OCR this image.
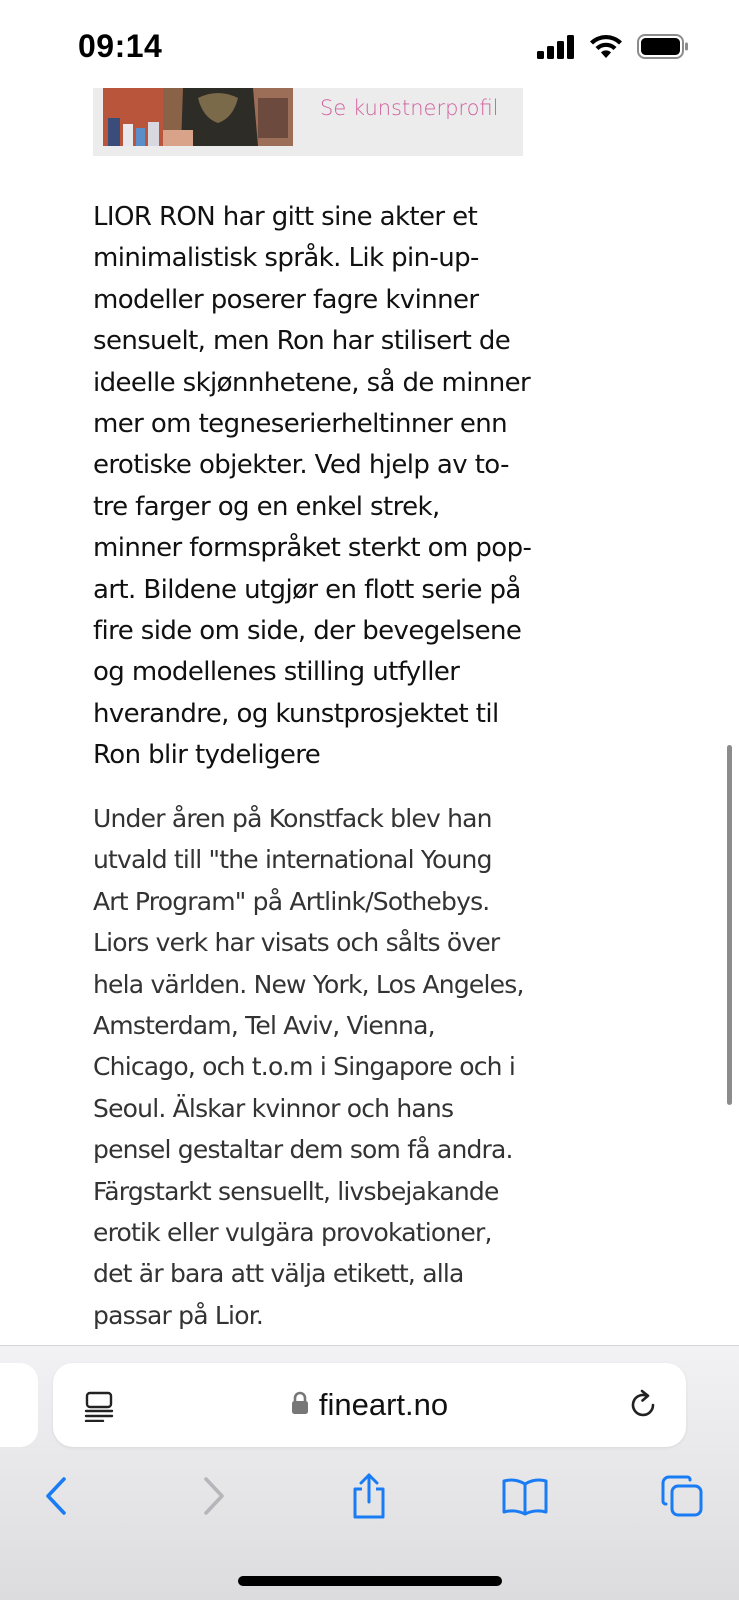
09:14
Se kunstnerprofil

LIOR RON har gitt sine akter et minimalistisk språk. Lik pin-up-modeller poserer fagre kvinner sensuelt, men Ron har stilisert de ideelle skjønnhetene, så de minner mer om tegneserierheltinner enn erotiske objekter. Ved hjelp av to-tre farger og en enkel strek, minner formspråket sterkt om pop-art. Bildene utgjør en flott serie på fire side om side, der bevegelsene og modellenes stilling utfyller hverandre, og kunstprosjektet til Ron blir tydeligere

Under åren på Konstfack blev han utvald till "the international Young Art Program" på Artlink/Sothebys. Liors verk har visats och sålts över hela världen. New York, Los Angeles, Amsterdam, Tel Aviv, Vienna, Chicago, och t.o.m i Singapore och i Seoul. Älskar kvinnor och hans pensel gestaltar dem som få andra. Färgstarkt sensuellt, livsbejakande erotik eller vulgära provokationer, det är bara att välja etikett, alla passar på Lior.

fineart.no
